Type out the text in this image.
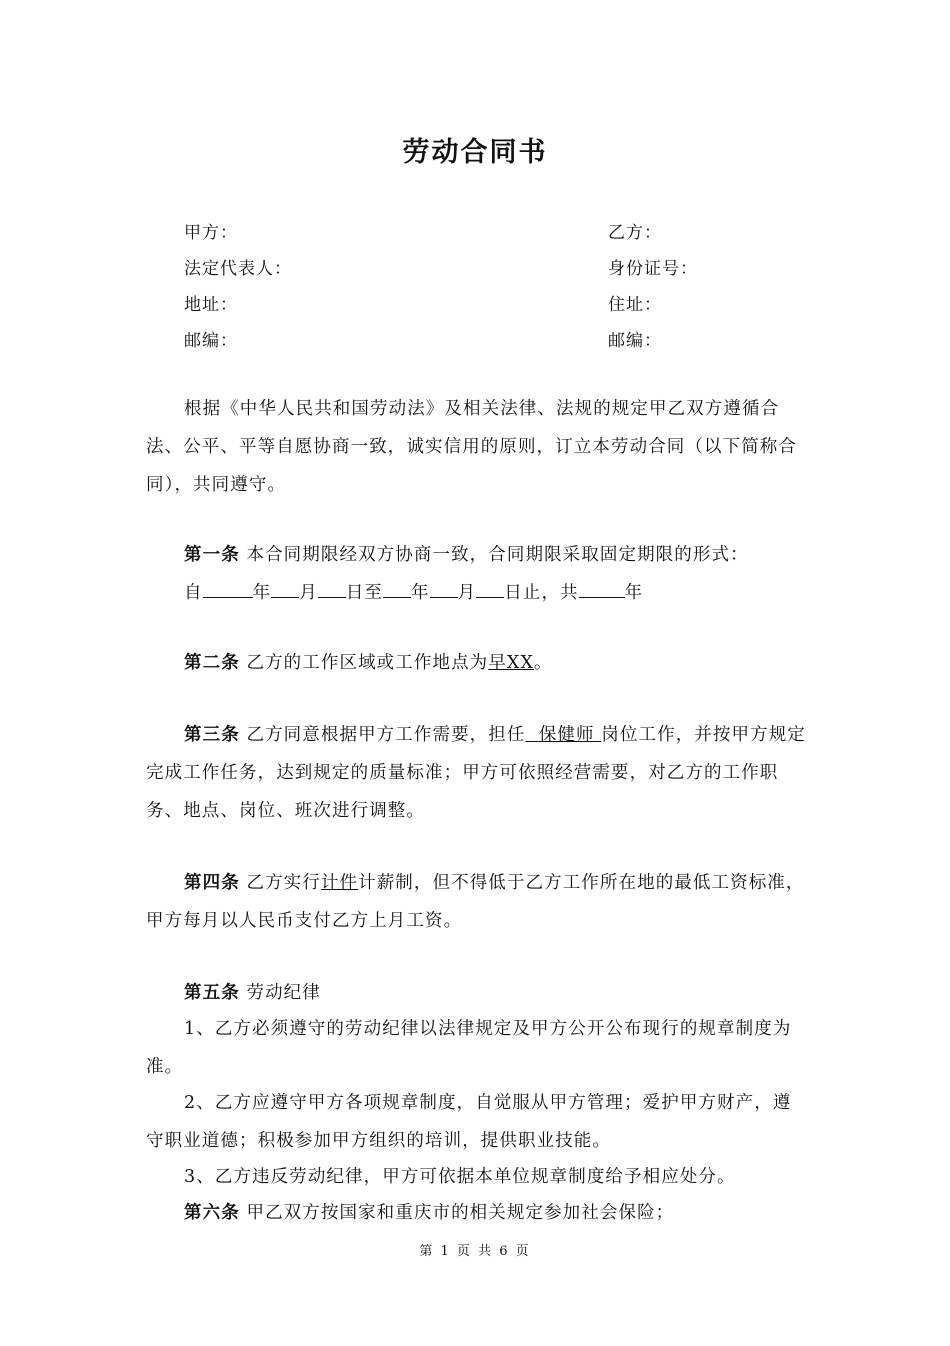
劳动合同书
甲方：
法定代表人：
地址：
邮编：
乙方：
身份证号：
住址：
邮编：

根据《中华人民共和国劳动法》及相关法律、法规的规定甲乙双方遵循合法、公平、平等自愿协商一致，诚实信用的原则，订立本劳动合同（以下简称合同），共同遵守。

第一条 本合同期限经双方协商一致，合同期限采取固定期限的形式：

自	年 月 日至 年 月 日止，共	年

第二条 乙方的工作区域或工作地点为早XX。

第三条 乙方同意根据甲方工作需要，担任 保健师 岗位工作，并按甲方规定完成工作任务，达到规定的质量标准；甲方可依照经营需要，对乙方的工作职务、地点、岗位、班次进行调整。

第四条 乙方实行计件计薪制，但不得低于乙方工作所在地的最低工资标准，甲方每月以人民币支付乙方上月工资。

第五条 劳动纪律

1、乙方必须遵守的劳动纪律以法律规定及甲方公开公布现行的规章制度为准。

2、乙方应遵守甲方各项规章制度，自觉服从甲方管理；爱护甲方财产，遵守职业道德；积极参加甲方组织的培训，提供职业技能。

3、乙方违反劳动纪律，甲方可依据本单位规章制度给予相应处分。

第六条 甲乙双方按国家和重庆市的相关规定参加社会保险；

第 1 页 共 6 页
